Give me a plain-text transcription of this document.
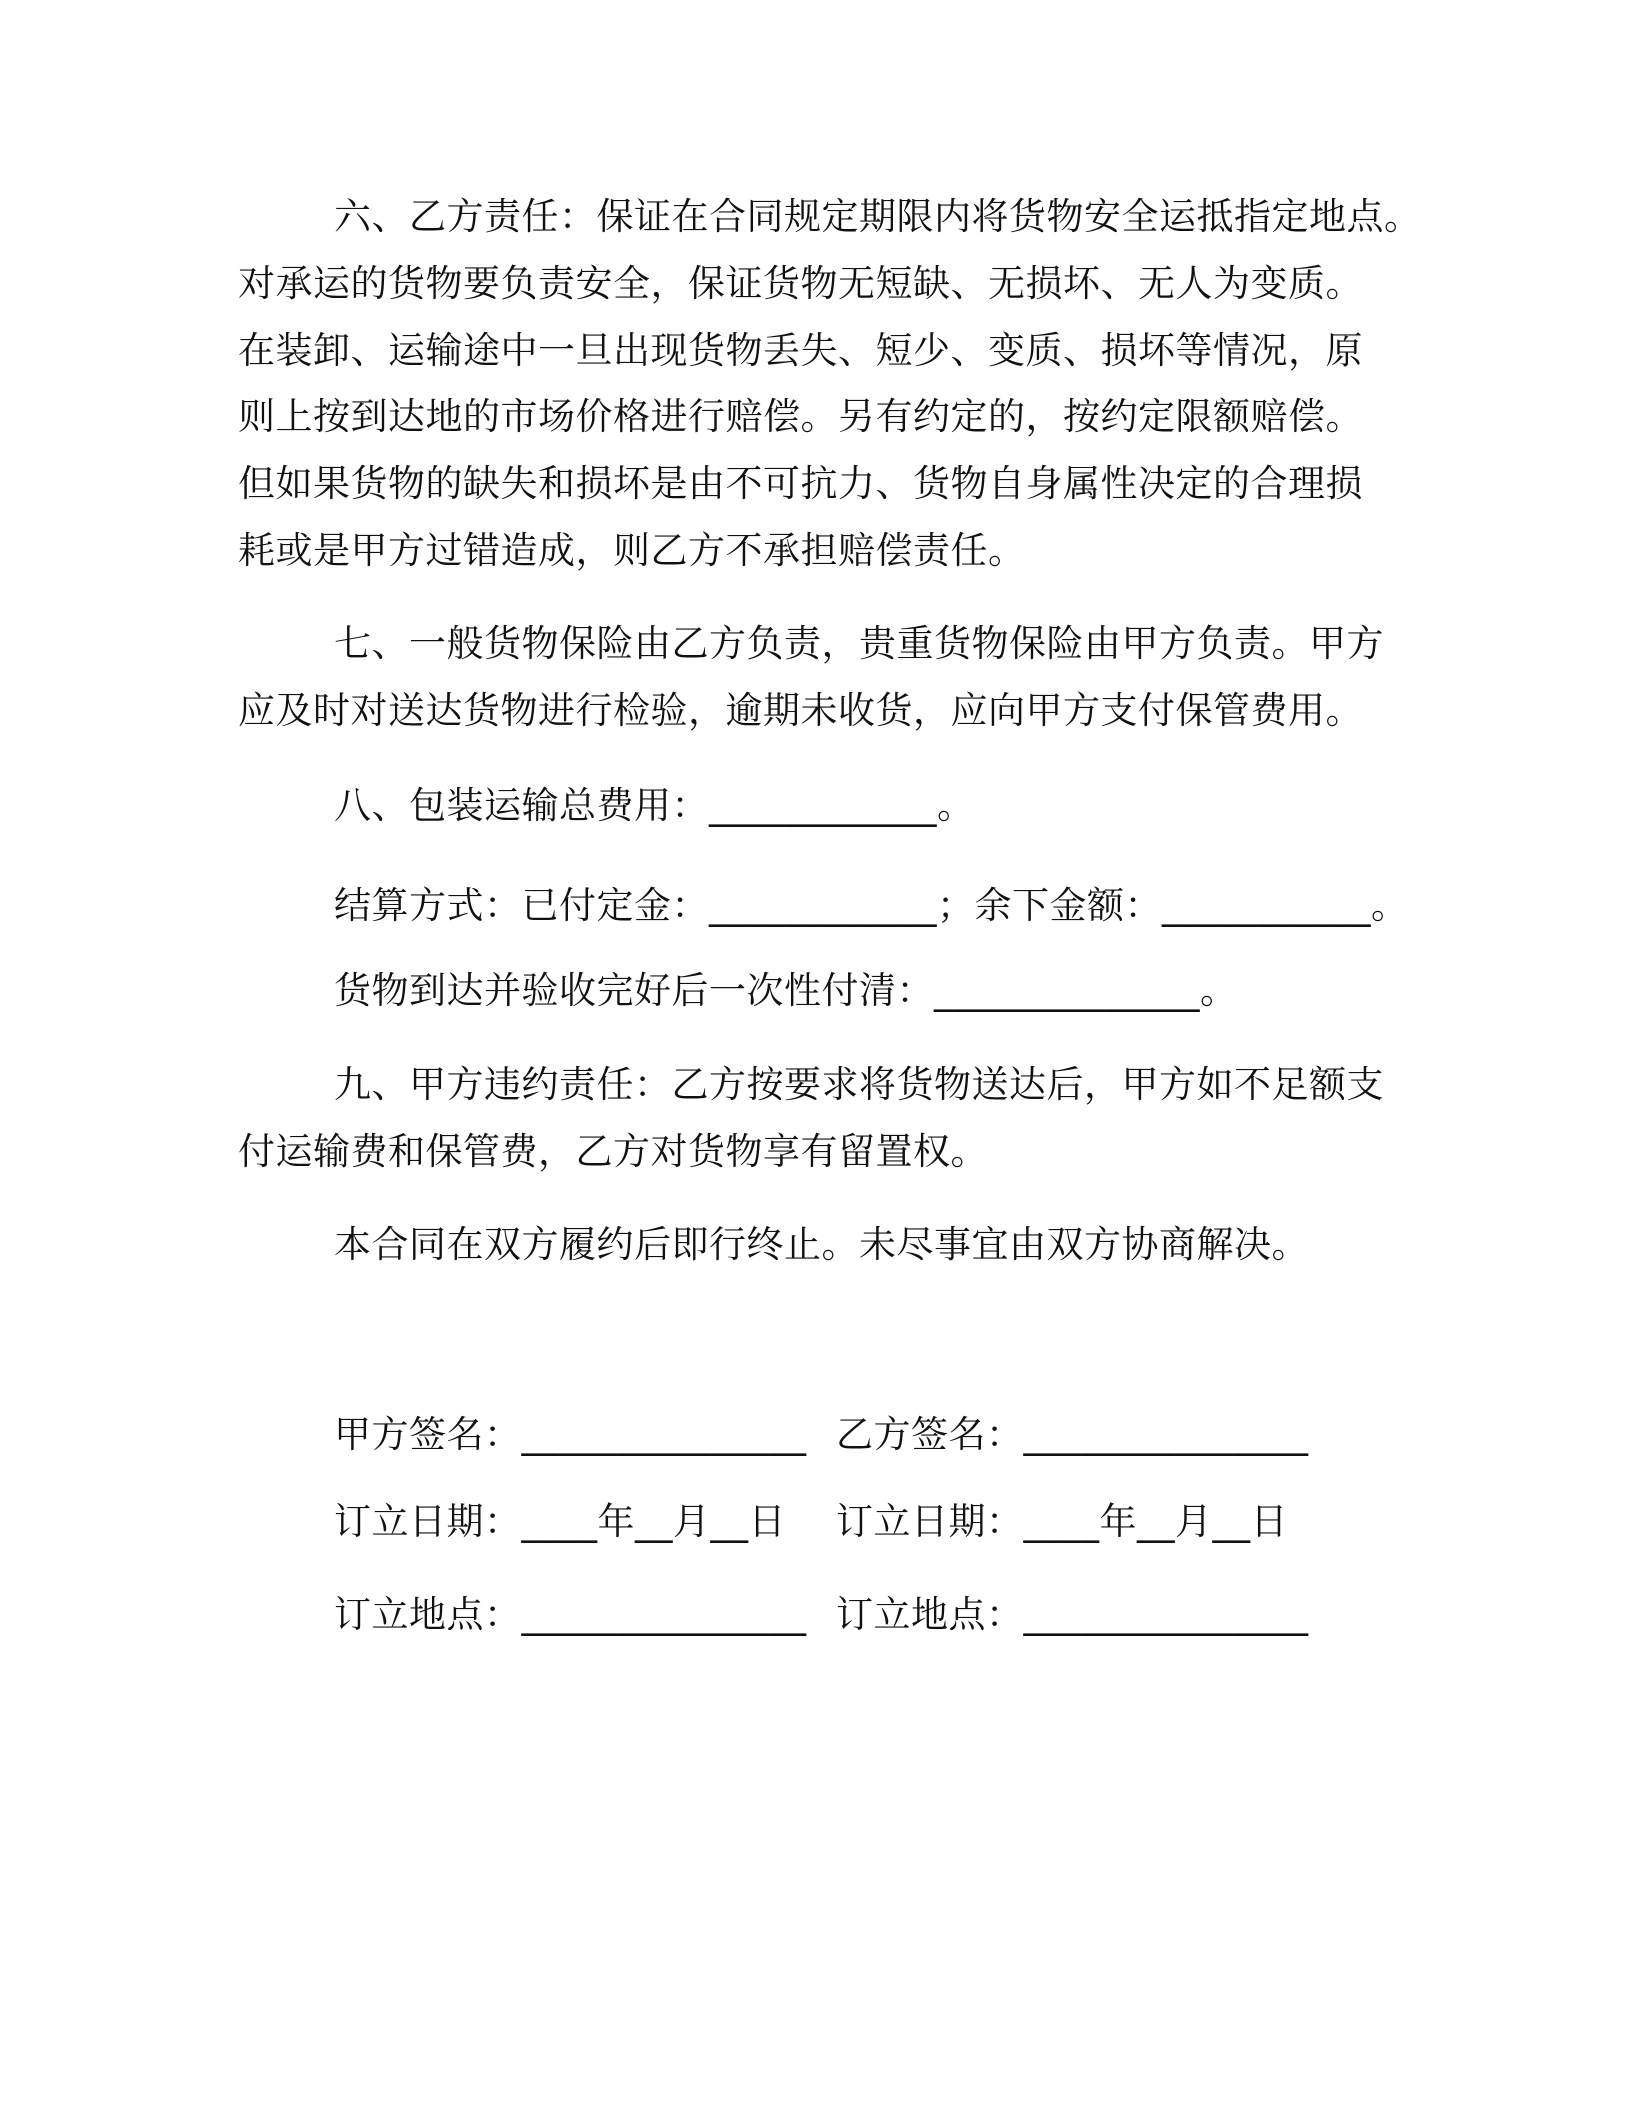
六、乙方责任：保证在合同规定期限内将货物安全运抵指定地点。
对承运的货物要负责安全，保证货物无短缺、无损坏、无人为变质。
在装卸、运输途中一旦出现货物丢失、短少、变质、损坏等情况，原
则上按到达地的市场价格进行赔偿。另有约定的，按约定限额赔偿。
但如果货物的缺失和损坏是由不可抗力、货物自身属性决定的合理损
耗或是甲方过错造成，则乙方不承担赔偿责任。
七、一般货物保险由乙方负责，贵重货物保险由甲方负责。甲方
应及时对送达货物进行检验，逾期未收货，应向甲方支付保管费用。
八、包装运输总费用：____________。
结算方式：已付定金：____________；余下金额：___________。
货物到达并验收完好后一次性付清：______________。
九、甲方违约责任：乙方按要求将货物送达后，甲方如不足额支
付运输费和保管费，乙方对货物享有留置权。
本合同在双方履约后即行终止。未尽事宜由双方协商解决。
甲方签名：_______________ 乙方签名：_______________
订立日期：____年__月__日 订立日期：____年__月__日
订立地点：_______________ 订立地点：_______________
